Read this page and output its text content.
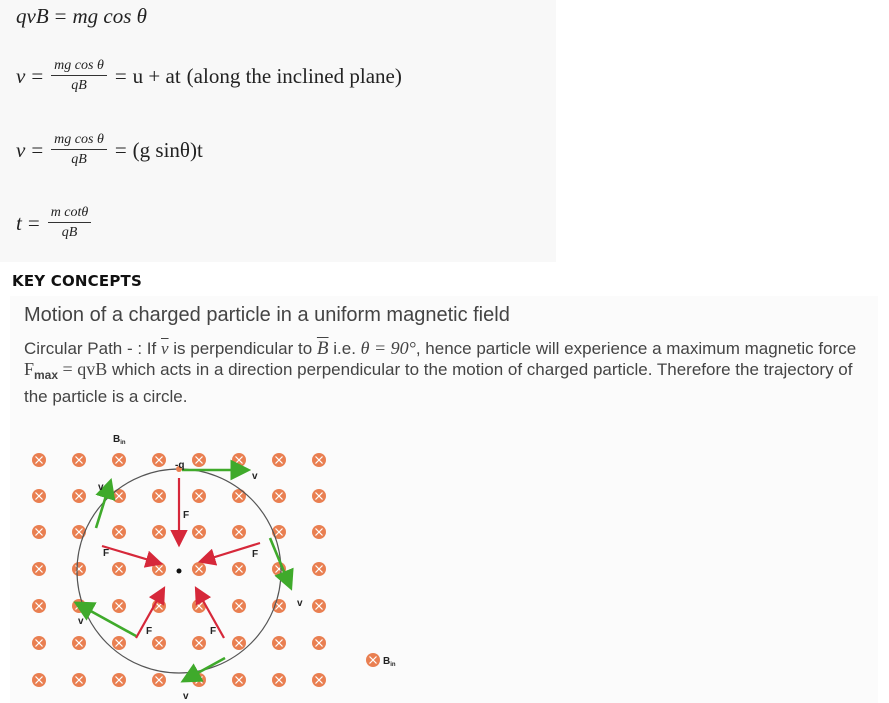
qvB = mg cos θ
$v = \frac{\text{mg cos θ}}{qB} = u$ + at (along the inclined plane)
$v = \frac{\text{mg cos θ}}{qB} = (g$ sinθ)t
$t = \frac{\text{m cotθ}}{qB}$
KEY CONCEPTS
Motion of a charged particle in a uniform magnetic field
Circular Path - : If $\overline{v}$ is perpendicular to $\overline{B}$ i.e. θ = 90°, hence particle will experience a maximum magnetic force $F_{max}$ = qvB which acts in a direction perpendicular to the motion of charged particle. Therefore the trajectory of the particle is a circle.
$B_{in}$
-q
F
F	F
F	F
v
v
v
v
v
$B_{in}$
